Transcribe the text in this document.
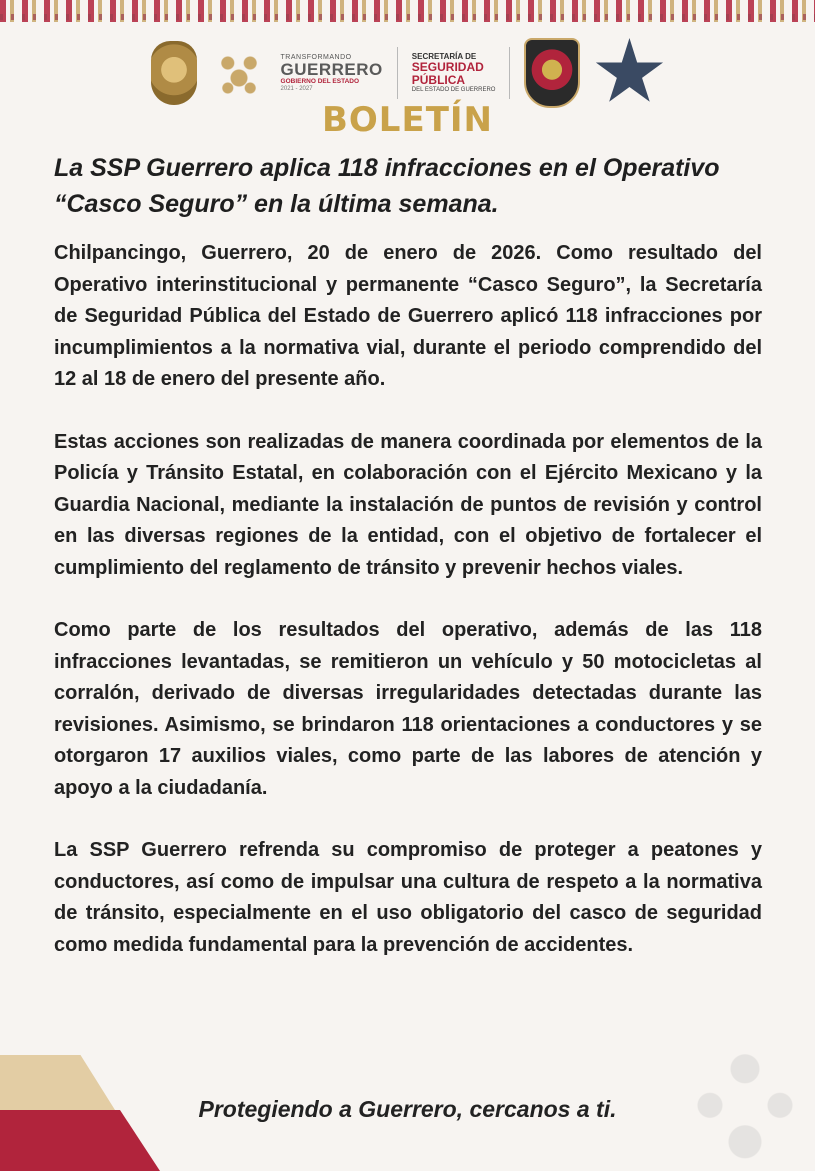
TRANSFORMANDO
GUERRERO
GOBIERNO DEL ESTADO
2021 - 2027
SECRETARÍA DE
SEGURIDAD
PÚBLICA
DEL ESTADO DE GUERRERO
BOLETÍN
La SSP Guerrero aplica 118 infracciones en el Operativo “Casco Seguro” en la última semana.

Chilpancingo, Guerrero, 20 de enero de 2026. Como resultado del Operativo interinstitucional y permanente “Casco Seguro”, la Secretaría de Seguridad Pública del Estado de Guerrero aplicó 118 infracciones por incumplimientos a la normativa vial, durante el periodo comprendido del 12 al 18 de enero del presente año.

Estas acciones son realizadas de manera coordinada por elementos de la Policía y Tránsito Estatal, en colaboración con el Ejército Mexicano y la Guardia Nacional, mediante la instalación de puntos de revisión y control en las diversas regiones de la entidad, con el objetivo de fortalecer el cumplimiento del reglamento de tránsito y prevenir hechos viales.

Como parte de los resultados del operativo, además de las 118 infracciones levantadas, se remitieron un vehículo y 50 motocicletas al corralón, derivado de diversas irregularidades detectadas durante las revisiones. Asimismo, se brindaron 118 orientaciones a conductores y se otorgaron 17 auxilios viales, como parte de las labores de atención y apoyo a la ciudadanía.

La SSP Guerrero refrenda su compromiso de proteger a peatones y conductores, así como de impulsar una cultura de respeto a la normativa de tránsito, especialmente en el uso obligatorio del casco de seguridad como medida fundamental para la prevención de accidentes.

Protegiendo a Guerrero, cercanos a ti.
